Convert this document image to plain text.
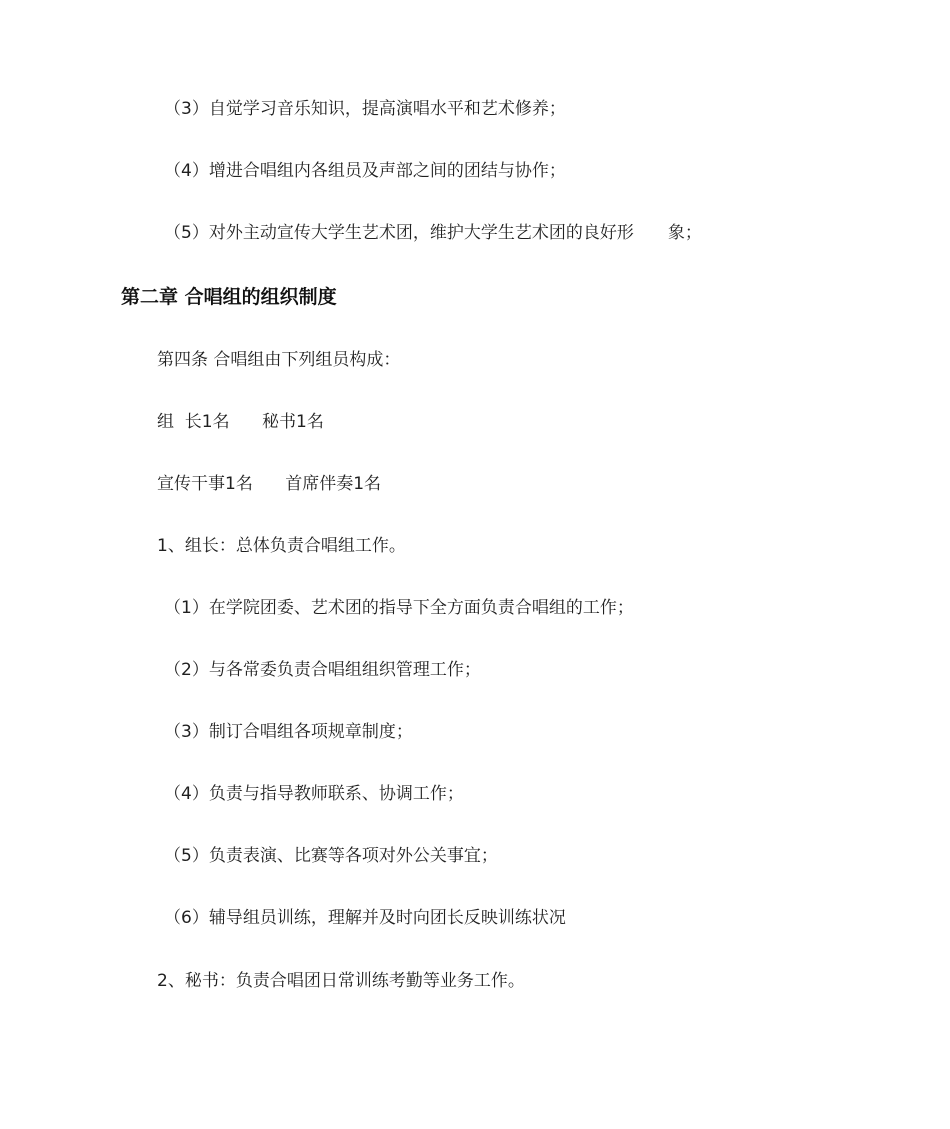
（3）自觉学习音乐知识，提高演唱水平和艺术修养；
（4）增进合唱组内各组员及声部之间的团结与协作；
（5）对外主动宣传大学生艺术团，维护大学生艺术团的良好形　　象；
第二章 合唱组的组织制度
第四条 合唱组由下列组员构成：
组  长1名      秘书1名
宣传干事1名      首席伴奏1名
1、组长：总体负责合唱组工作。
（1）在学院团委、艺术团的指导下全方面负责合唱组的工作；
（2）与各常委负责合唱组组织管理工作；
（3）制订合唱组各项规章制度；
（4）负责与指导教师联系、协调工作；
（5）负责表演、比赛等各项对外公关事宜；
（6）辅导组员训练，理解并及时向团长反映训练状况
2、秘书：负责合唱团日常训练考勤等业务工作。
